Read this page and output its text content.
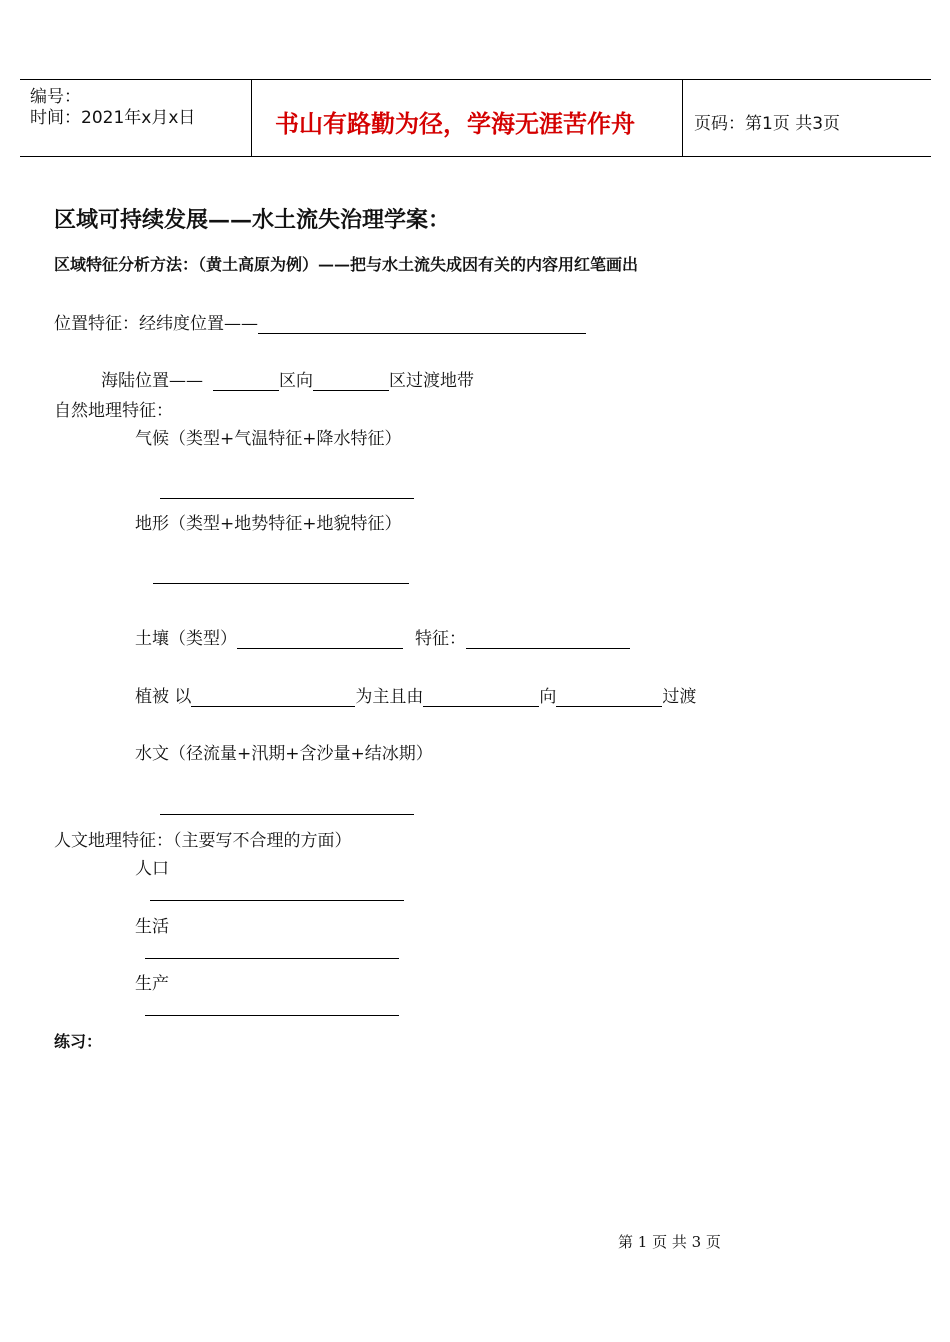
编号：
时间：2021年x月x日	书山有路勤为径，学海无涯苦作舟	页码：第1页 共3页
区域可持续发展——水土流失治理学案：
区域特征分析方法：（黄土高原为例）——把与水土流失成因有关的内容用红笔画出
位置特征：经纬度位置——
海陆位置——	区向	区过渡地带
自然地理特征：
气候（类型+气温特征+降水特征）
地形（类型+地势特征+地貌特征）
土壤（类型）	特征：
植被 以	为主且由	向	过渡
水文（径流量+汛期+含沙量+结冰期）
人文地理特征：（主要写不合理的方面）
人口
生活
生产
练习：
第 1 页 共 3 页
